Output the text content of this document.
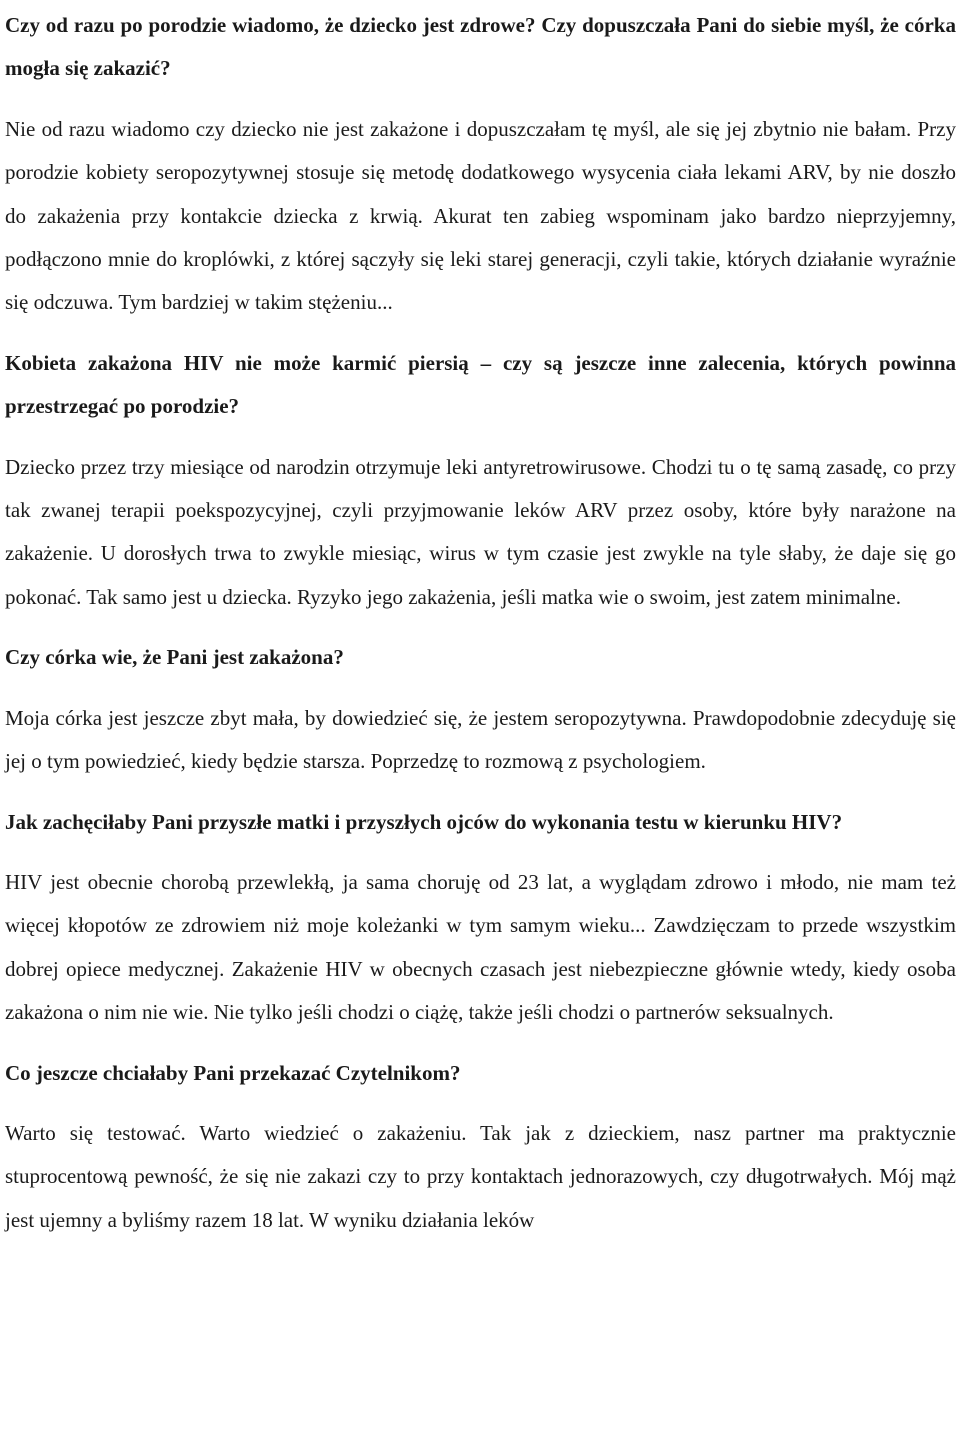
Czy od razu po porodzie wiadomo, że dziecko jest zdrowe? Czy dopuszczała Pani do siebie myśl, że córka mogła się zakazić?

Nie od razu wiadomo czy dziecko nie jest zakażone i dopuszczałam tę myśl, ale się jej zbytnio nie bałam. Przy porodzie kobiety seropozytywnej stosuje się metodę dodatkowego wysycenia ciała lekami ARV, by nie doszło do zakażenia przy kontakcie dziecka z krwią. Akurat ten zabieg wspominam jako bardzo nieprzyjemny, podłączono mnie do kroplówki, z której sączyły się leki starej generacji, czyli takie, których działanie wyraźnie się odczuwa. Tym bardziej w takim stężeniu...

Kobieta zakażona HIV nie może karmić piersią – czy są jeszcze inne zalecenia, których powinna przestrzegać po porodzie?

Dziecko przez trzy miesiące od narodzin otrzymuje leki antyretrowirusowe. Chodzi tu o tę samą zasadę, co przy tak zwanej terapii poekspozycyjnej, czyli przyjmowanie leków ARV przez osoby, które były narażone na zakażenie. U dorosłych trwa to zwykle miesiąc, wirus w tym czasie jest zwykle na tyle słaby, że daje się go pokonać. Tak samo jest u dziecka. Ryzyko jego zakażenia, jeśli matka wie o swoim, jest zatem minimalne.

Czy córka wie, że Pani jest zakażona?

Moja córka jest jeszcze zbyt mała, by dowiedzieć się, że jestem seropozytywna. Prawdopodobnie zdecyduję się jej o tym powiedzieć, kiedy będzie starsza. Poprzedzę to rozmową z psychologiem.

Jak zachęciłaby Pani przyszłe matki i przyszłych ojców do wykonania testu w kierunku HIV?

HIV jest obecnie chorobą przewlekłą, ja sama choruję od 23 lat, a wyglądam zdrowo i młodo, nie mam też więcej kłopotów ze zdrowiem niż moje koleżanki w tym samym wieku... Zawdzięczam to przede wszystkim dobrej opiece medycznej. Zakażenie HIV w obecnych czasach jest niebezpieczne głównie wtedy, kiedy osoba zakażona o nim nie wie. Nie tylko jeśli chodzi o ciążę, także jeśli chodzi o partnerów seksualnych.

Co jeszcze chciałaby Pani przekazać Czytelnikom?

Warto się testować. Warto wiedzieć o zakażeniu. Tak jak z dzieckiem, nasz partner ma praktycznie stuprocentową pewność, że się nie zakazi czy to przy kontaktach jednorazowych, czy długotrwałych. Mój mąż jest ujemny a byliśmy razem 18 lat. W wyniku działania leków
